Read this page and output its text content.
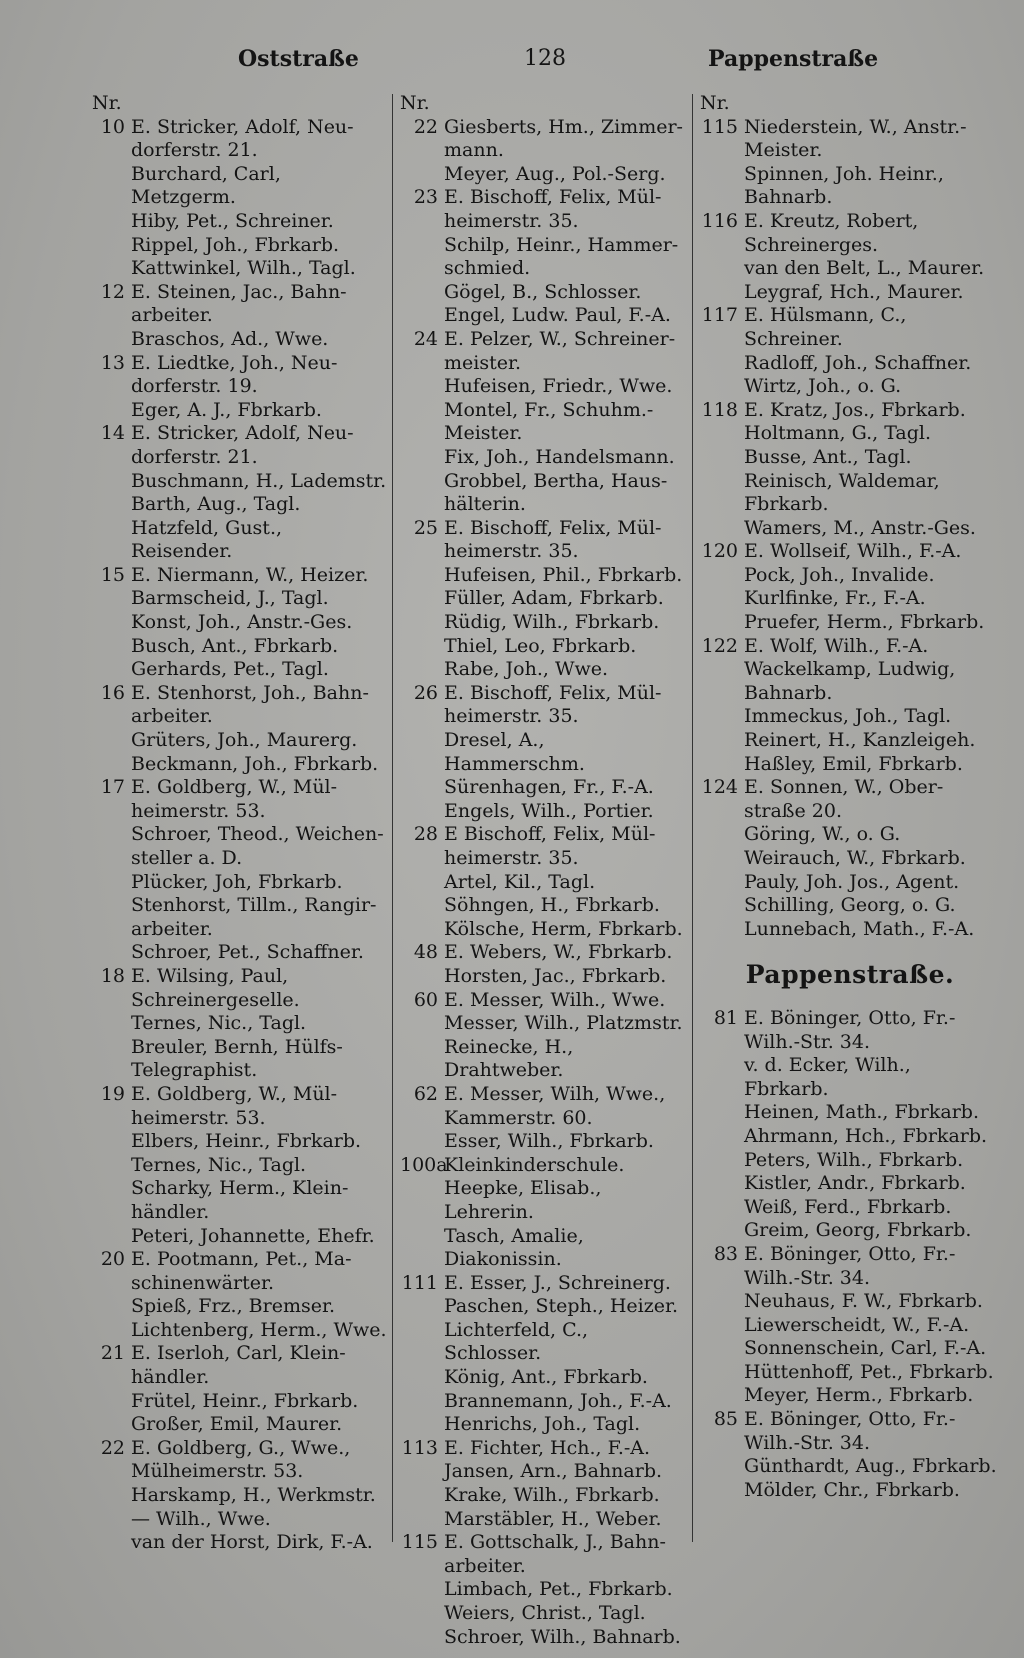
Oststraße	128	Pappenstraße
Nr.
10 E. Stricker, Adolf, Neu-
dorferstr. 21.
Burchard, Carl, Metzgerm.
Hiby, Pet., Schreiner.
Rippel, Joh., Fbrkarb.
Kattwinkel, Wilh., Tagl.
12 E. Steinen, Jac., Bahn-
arbeiter.
Braschos, Ad., Wwe.
13 E. Liedtke, Joh., Neu-
dorferstr. 19.
Eger, A. J., Fbrkarb.
14 E. Stricker, Adolf, Neu-
dorferstr. 21.
Buschmann, H., Lademstr.
Barth, Aug., Tagl.
Hatzfeld, Gust., Reisender.
15 E. Niermann, W., Heizer.
Barmscheid, J., Tagl.
Konst, Joh., Anstr.-Ges.
Busch, Ant., Fbrkarb.
Gerhards, Pet., Tagl.
16 E. Stenhorst, Joh., Bahn-
arbeiter.
Grüters, Joh., Maurerg.
Beckmann, Joh., Fbrkarb.
17 E. Goldberg, W., Mül-
heimerstr. 53.
Schroer, Theod., Weichen-
steller a. D.
Plücker, Joh, Fbrkarb.
Stenhorst, Tillm., Rangir-
arbeiter.
Schroer, Pet., Schaffner.
18 E. Wilsing, Paul,
Schreinergeselle.
Ternes, Nic., Tagl.
Breuler, Bernh, Hülfs-
Telegraphist.
19 E. Goldberg, W., Mül-
heimerstr. 53.
Elbers, Heinr., Fbrkarb.
Ternes, Nic., Tagl.
Scharky, Herm., Klein-
händler.
Peteri, Johannette, Ehefr.
20 E. Pootmann, Pet., Ma-
schinenwärter.
Spieß, Frz., Bremser.
Lichtenberg, Herm., Wwe.
21 E. Iserloh, Carl, Klein-
händler.
Frütel, Heinr., Fbrkarb.
Großer, Emil, Maurer.
22 E. Goldberg, G., Wwe.,
Mülheimerstr. 53.
Harskamp, H., Werkmstr.
— Wilh., Wwe.
van der Horst, Dirk, F.-A.
Nr.
22 Giesberts, Hm., Zimmer-
mann.
Meyer, Aug., Pol.-Serg.
23 E. Bischoff, Felix, Mül-
heimerstr. 35.
Schilp, Heinr., Hammer-
schmied.
Gögel, B., Schlosser.
Engel, Ludw. Paul, F.-A.
24 E. Pelzer, W., Schreiner-
meister.
Hufeisen, Friedr., Wwe.
Montel, Fr., Schuhm.-
Meister.
Fix, Joh., Handelsmann.
Grobbel, Bertha, Haus-
hälterin.
25 E. Bischoff, Felix, Mül-
heimerstr. 35.
Hufeisen, Phil., Fbrkarb.
Füller, Adam, Fbrkarb.
Rüdig, Wilh., Fbrkarb.
Thiel, Leo, Fbrkarb.
Rabe, Joh., Wwe.
26 E. Bischoff, Felix, Mül-
heimerstr. 35.
Dresel, A., Hammerschm.
Sürenhagen, Fr., F.-A.
Engels, Wilh., Portier.
28 E Bischoff, Felix, Mül-
heimerstr. 35.
Artel, Kil., Tagl.
Söhngen, H., Fbrkarb.
Kölsche, Herm, Fbrkarb.
48 E. Webers, W., Fbrkarb.
Horsten, Jac., Fbrkarb.
60 E. Messer, Wilh., Wwe.
Messer, Wilh., Platzmstr.
Reinecke, H., Drahtweber.
62 E. Messer, Wilh, Wwe.,
Kammerstr. 60.
Esser, Wilh., Fbrkarb.
100a
Kleinkinderschule.
Heepke, Elisab., Lehrerin.
Tasch, Amalie, Diakonissin.
111 E. Esser, J., Schreinerg.
Paschen, Steph., Heizer.
Lichterfeld, C., Schlosser.
König, Ant., Fbrkarb.
Brannemann, Joh., F.-A.
Henrichs, Joh., Tagl.
113 E. Fichter, Hch., F.-A.
Jansen, Arn., Bahnarb.
Krake, Wilh., Fbrkarb.
Marstäbler, H., Weber.
115 E. Gottschalk, J., Bahn-
arbeiter.
Limbach, Pet., Fbrkarb.
Weiers, Christ., Tagl.
Schroer, Wilh., Bahnarb.
Nr.
115 Niederstein, W., Anstr.-
Meister.
Spinnen, Joh. Heinr.,
Bahnarb.
116 E. Kreutz, Robert,
Schreinerges.
van den Belt, L., Maurer.
Leygraf, Hch., Maurer.
117 E. Hülsmann, C.,
Schreiner.
Radloff, Joh., Schaffner.
Wirtz, Joh., o. G.
118 E. Kratz, Jos., Fbrkarb.
Holtmann, G., Tagl.
Busse, Ant., Tagl.
Reinisch, Waldemar,
Fbrkarb.
Wamers, M., Anstr.-Ges.
120 E. Wollseif, Wilh., F.-A.
Pock, Joh., Invalide.
Kurlfinke, Fr., F.-A.
Pruefer, Herm., Fbrkarb.
122 E. Wolf, Wilh., F.-A.
Wackelkamp, Ludwig,
Bahnarb.
Immeckus, Joh., Tagl.
Reinert, H., Kanzleigeh.
Haßley, Emil, Fbrkarb.
124 E. Sonnen, W., Ober-
straße 20.
Göring, W., o. G.
Weirauch, W., Fbrkarb.
Pauly, Joh. Jos., Agent.
Schilling, Georg, o. G.
Lunnebach, Math., F.-A.
Pappenstraße.
81 E. Böninger, Otto, Fr.-
Wilh.-Str. 34.
v. d. Ecker, Wilh., Fbrkarb.
Heinen, Math., Fbrkarb.
Ahrmann, Hch., Fbrkarb.
Peters, Wilh., Fbrkarb.
Kistler, Andr., Fbrkarb.
Weiß, Ferd., Fbrkarb.
Greim, Georg, Fbrkarb.
83 E. Böninger, Otto, Fr.-
Wilh.-Str. 34.
Neuhaus, F. W., Fbrkarb.
Liewerscheidt, W., F.-A.
Sonnenschein, Carl, F.-A.
Hüttenhoff, Pet., Fbrkarb.
Meyer, Herm., Fbrkarb.
85 E. Böninger, Otto, Fr.-
Wilh.-Str. 34.
Günthardt, Aug., Fbrkarb.
Mölder, Chr., Fbrkarb.
